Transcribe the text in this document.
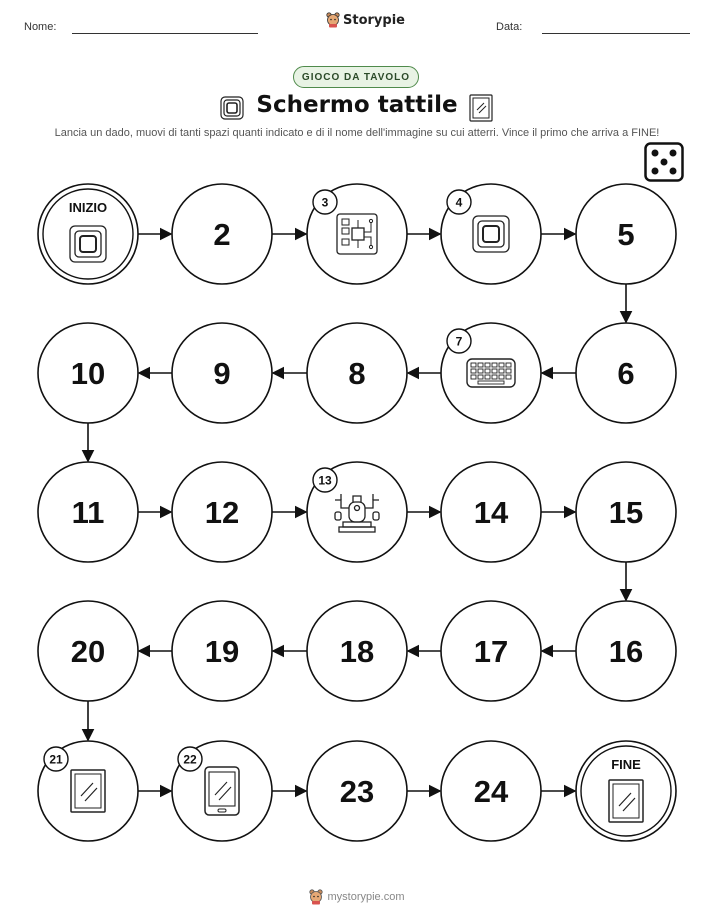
Nome:	Storypie	Data:
GIOCO DA TAVOLO
Schermo tattile
Lancia un dado, muovi di tanti spazi quanti indicato e di il nome dell'immagine su cui atterri. Vince il primo che arriva a FINE!
INIZIO
2
3	4
5
6
7
8
9
10
11	12
13
14	15
16
17
18
19
20
21	22
23	24
FINE
mystorypie.com
